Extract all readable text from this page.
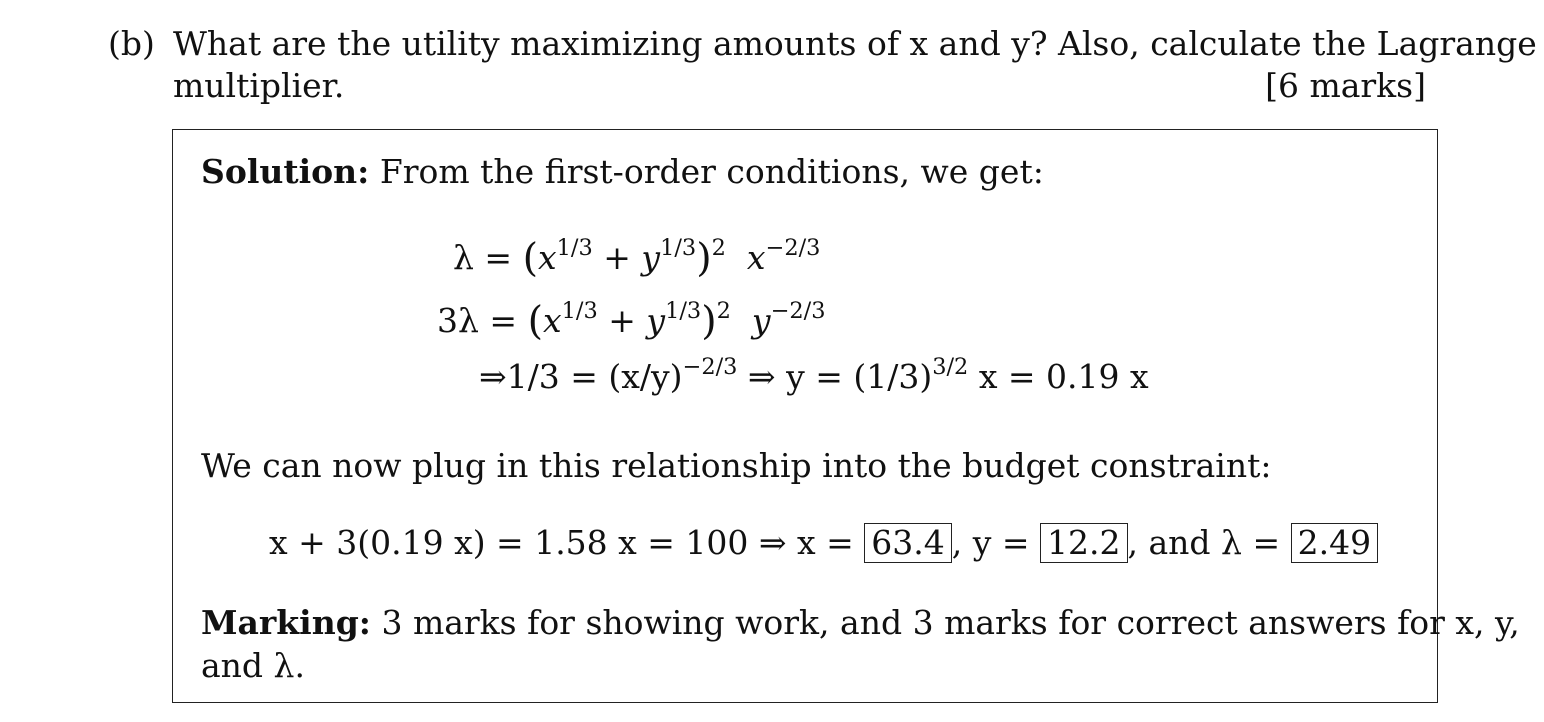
(b) What are the utility maximizing amounts of x and y? Also, calculate the Lagrange
multiplier.	[6 marks]
Solution: From the first-order conditions, we get:
$\lambda = (x^{1/3} + y^{1/3})^2$ $x^{-2/3}$
$3\lambda = (x^{1/3} + y^{1/3})^2$ $y^{-2/3}$
⇒1/3 = $(x/y)^{-2/3}$ ⇒ $y = (1/3)^{3/2}$ x = 0.19 x
We can now plug in this relationship into the budget constraint:
x + 3(0.19 x) = 1.58 x = 100 ⇒ x = 63.4 , y = 12.2 , and λ = 2.49
Marking: 3 marks for showing work, and 3 marks for correct answers for x, y,
and λ.
